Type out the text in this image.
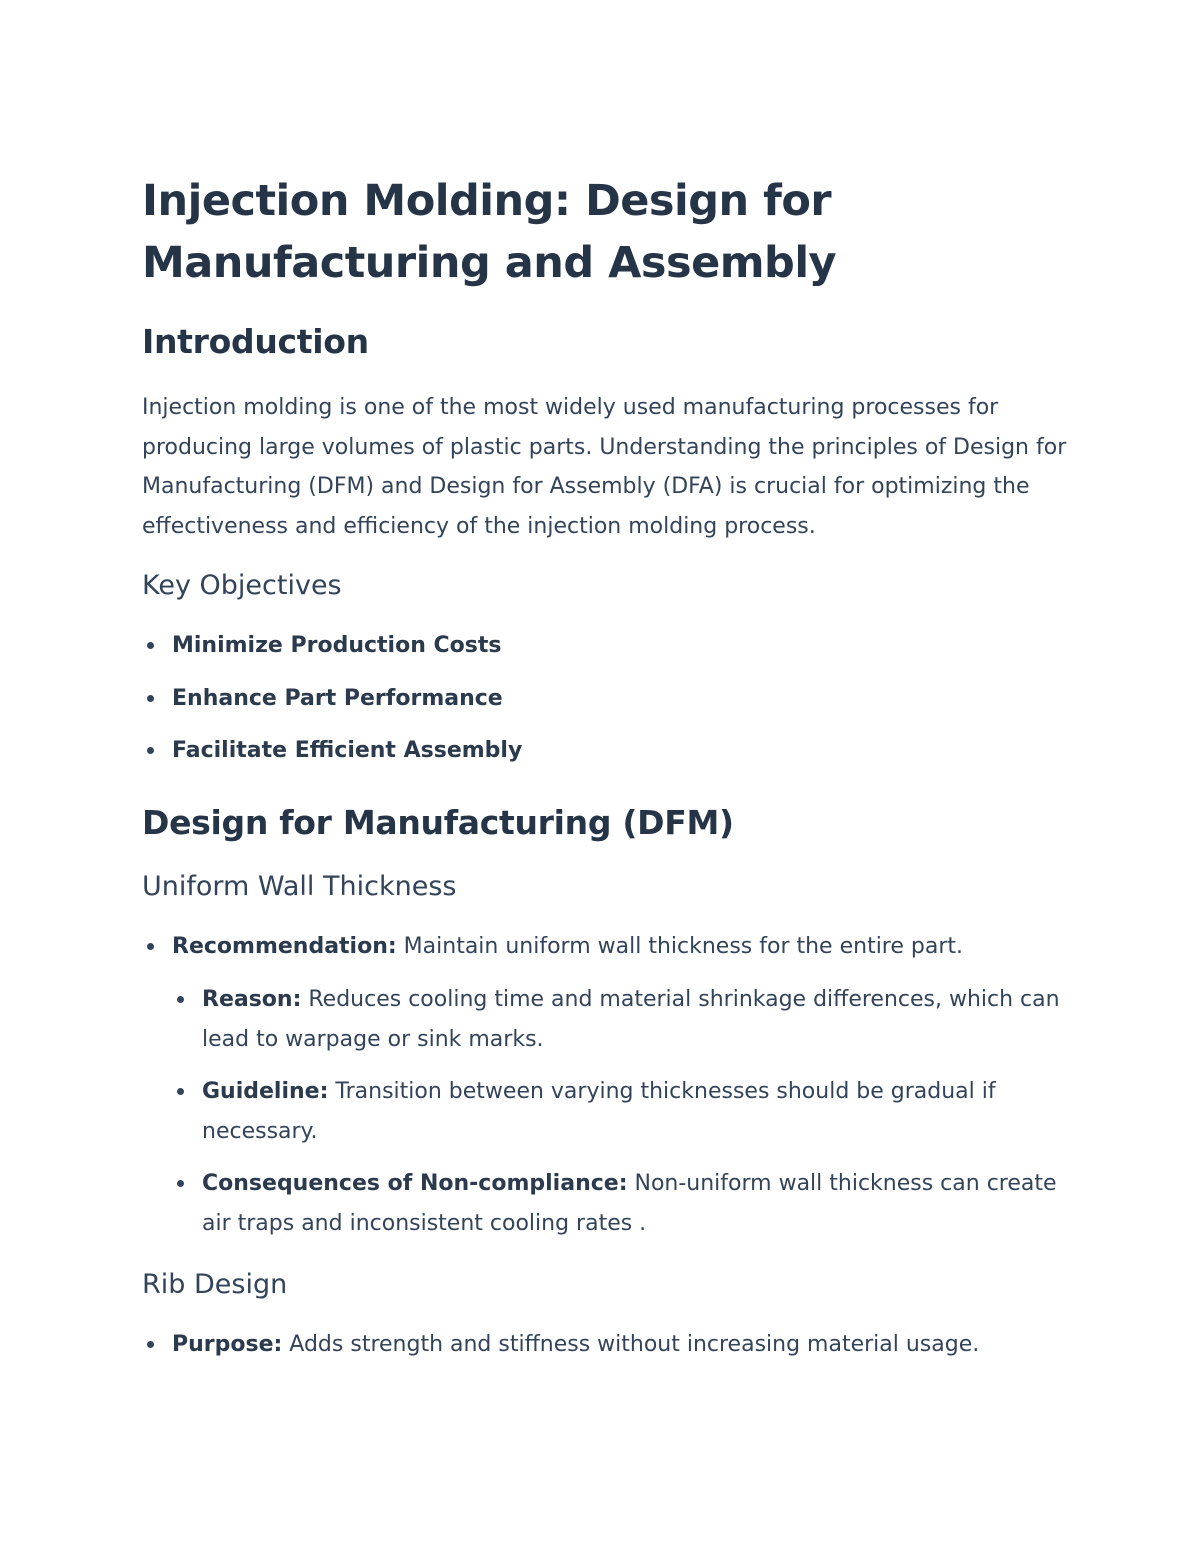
Injection Molding: Design for Manufacturing and Assembly
Introduction

Injection molding is one of the most widely used manufacturing processes for producing large volumes of plastic parts. Understanding the principles of Design for Manufacturing (DFM) and Design for Assembly (DFA) is crucial for optimizing the effectiveness and efficiency of the injection molding process.

Key Objectives
Minimize Production Costs
Enhance Part Performance
Facilitate Efficient Assembly
Design for Manufacturing (DFM)
Uniform Wall Thickness
Recommendation: Maintain uniform wall thickness for the entire part.
Reason: Reduces cooling time and material shrinkage differences, which can lead to warpage or sink marks.
Guideline: Transition between varying thicknesses should be gradual if necessary.
Consequences of Non-compliance: Non-uniform wall thickness can create air traps and inconsistent cooling rates .
Rib Design
Purpose: Adds strength and stiffness without increasing material usage.
